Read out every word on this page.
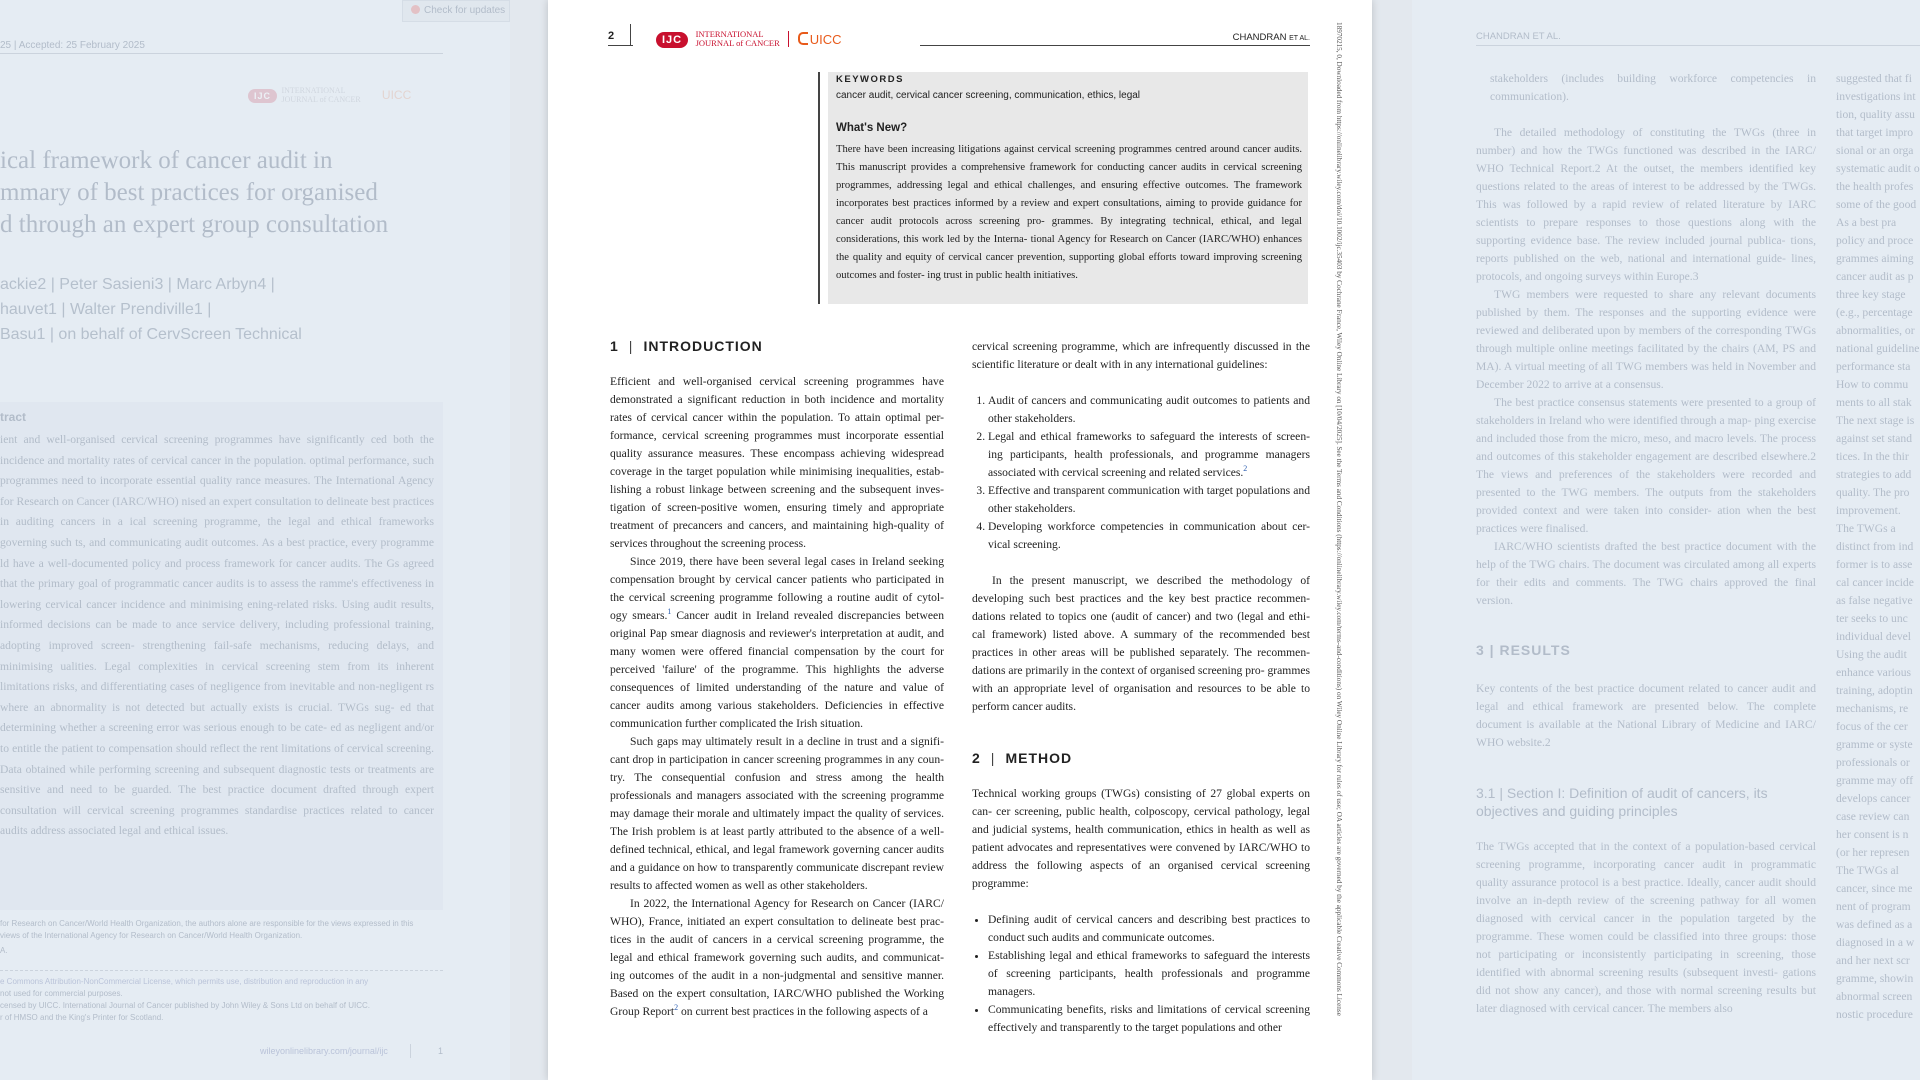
25 | Accepted: 25 February 2025
Check for updates
IJC INTERNATIONAL JOURNAL of CANCER UICC
ical framework of cancer audit in
mmary of best practices for organised
d through an expert group consultation
ackie2 | Peter Sasieni3 | Marc Arbyn4 |
hauvet1 | Walter Prendiville1 |
Basu1 | on behalf of CervScreen Technical
tract
ient and well-organised cervical screening programmes have significantly ced both the incidence and mortality rates of cervical cancer in the population. optimal performance, such programmes need to incorporate essential quality rance measures. The International Agency for Research on Cancer (IARC/WHO) nised an expert consultation to delineate best practices in auditing cancers in a ical screening programme, the legal and ethical frameworks governing such ts, and communicating audit outcomes. As a best practice, every programme ld have a well-documented policy and process framework for cancer audits. The Gs agreed that the primary goal of programmatic cancer audits is to assess the ramme's effectiveness in lowering cervical cancer incidence and minimising ening-related risks. Using audit results, informed decisions can be made to ance service delivery, including professional training, adopting improved screen- strengthening fail-safe mechanisms, reducing delays, and minimising ualities. Legal complexities in cervical screening stem from its inherent limitations risks, and differentiating cases of negligence from inevitable and non-negligent rs where an abnormality is not detected but actually exists is crucial. TWGs sug- ed that determining whether a screening error was serious enough to be cate- ed as negligent and/or to entitle the patient to compensation should reflect the rent limitations of cervical screening. Data obtained while performing screening and subsequent diagnostic tests or treatments are sensitive and need to be guarded. The best practice document drafted through expert consultation will cervical screening programmes standardise practices related to cancer audits address associated legal and ethical issues.
for Research on Cancer/World Health Organization, the authors alone are responsible for the views expressed in this
views of the International Agency for Research on Cancer/World Health Organization.
A.
e Commons Attribution-NonCommercial License, which permits use, distribution and reproduction in any
not used for commercial purposes.
censed by UICC. International Journal of Cancer published by John Wiley & Sons Ltd on behalf of UICC.
r of HMSO and the King's Printer for Scotland.
wileyonlinelibrary.com/journal/ijc	1
2	IJC INTERNATIONAL
JOURNAL of CANCER UICC	CHANDRAN ET AL.
KEYWORDS
cancer audit, cervical cancer screening, communication, ethics, legal
What's New?
There have been increasing litigations against cervical screening programmes centred around cancer audits. This manuscript provides a comprehensive framework for conducting cancer audits in cervical screening programmes, addressing legal and ethical challenges, and ensuring effective outcomes. The framework incorporates best practices informed by a review and expert consultations, aiming to provide guidance for cancer audit protocols across screening pro- grammes. By integrating technical, ethical, and legal considerations, this work led by the Interna- tional Agency for Research on Cancer (IARC/WHO) enhances the quality and equity of cervical cancer prevention, supporting global efforts toward improving screening outcomes and foster- ing trust in public health initiatives.
1 | INTRODUCTION

Efficient and well-organised cervical screening programmes have demonstrated a significant reduction in both incidence and mortality rates of cervical cancer within the population. To attain optimal per- formance, cervical screening programmes must incorporate essential quality assurance measures. These encompass achieving widespread coverage in the target population while minimising inequalities, estab- lishing a robust linkage between screening and the subsequent inves- tigation of screen-positive women, ensuring timely and appropriate treatment of precancers and cancers, and maintaining high-quality of services throughout the screening process.

Since 2019, there have been several legal cases in Ireland seeking compensation brought by cervical cancer patients who participated in the cervical screening programme following a routine audit of cytol- ogy smears.$^1$ Cancer audit in Ireland revealed discrepancies between original Pap smear diagnosis and reviewer's interpretation at audit, and many women were offered financial compensation by the court for perceived 'failure' of the programme. This highlights the adverse consequences of limited understanding of the nature and value of cancer audits among various stakeholders. Deficiencies in effective communication further complicated the Irish situation.

Such gaps may ultimately result in a decline in trust and a signifi- cant drop in participation in cancer screening programmes in any coun- try. The consequential confusion and stress among the health professionals and managers associated with the screening programme may damage their morale and ultimately impact the quality of services. The Irish problem is at least partly attributed to the absence of a well- defined technical, ethical, and legal framework governing cancer audits and a guidance on how to transparently communicate discrepant review results to affected women as well as other stakeholders.

In 2022, the International Agency for Research on Cancer (IARC/ WHO), France, initiated an expert consultation to delineate best prac- tices in the audit of cancers in a cervical screening programme, the legal and ethical framework governing such audits, and communicat- ing outcomes of the audit in a non-judgmental and sensitive manner. Based on the expert consultation, IARC/WHO published the Working Group Report$^2$ on current best practices in the following aspects of a

cervical screening programme, which are infrequently discussed in the scientific literature or dealt with in any international guidelines:

1. Audit of cancers and communicating audit outcomes to patients and other stakeholders.
2. Legal and ethical frameworks to safeguard the interests of screen- ing participants, health professionals, and programme managers associated with cervical screening and related services.$^2$
3. Effective and transparent communication with target populations and other stakeholders.
4. Developing workforce competencies in communication about cer- vical screening.

In the present manuscript, we described the methodology of developing such best practices and the key best practice recommen- dations related to topics one (audit of cancer) and two (legal and ethi- cal framework) listed above. A summary of the recommended best practices in other areas will be published separately. The recommen- dations are primarily in the context of organised screening pro- grammes with an appropriate level of organisation and resources to be able to perform cancer audits.

2 | METHOD

Technical working groups (TWGs) consisting of 27 global experts on can- cer screening, public health, colposcopy, cervical pathology, legal and judicial systems, health communication, ethics in health as well as patient advocates and representatives were convened by IARC/WHO to address the following aspects of an organised cervical screening programme:

• Defining audit of cervical cancers and describing best practices to conduct such audits and communicate outcomes.
• Establishing legal and ethical frameworks to safeguard the interests of screening participants, health professionals and programme managers.
• Communicating benefits, risks and limitations of cervical screening effectively and transparently to the target populations and other
18970215, 0, Downloaded from https://onlinelibrary.wiley.com/doi/10.1002/ijc.35403 by Cochrane France, Wiley Online Library on [10/04/2025]. See the Terms and Conditions (https://onlinelibrary.wiley.com/terms-and-conditions) on Wiley Online Library for rules of use; OA articles are governed by the applicable Creative Commons License	CHANDRAN ET AL.
stakeholders (includes building workforce competencies in communication).
The detailed methodology of constituting the TWGs (three in number) and how the TWGs functioned was described in the IARC/ WHO Technical Report.2 At the outset, the members identified key questions related to the areas of interest to be addressed by the TWGs. This was followed by a rapid review of related literature by IARC scientists to prepare responses to those questions along with the supporting evidence base. The review included journal publica- tions, reports published on the web, national and international guide- lines, protocols, and ongoing surveys within Europe.3
TWG members were requested to share any relevant documents published by them. The responses and the supporting evidence were reviewed and deliberated upon by members of the corresponding TWGs through multiple online meetings facilitated by the chairs (AM, PS and MA). A virtual meeting of all TWG members was held in November and December 2022 to arrive at a consensus.
The best practice consensus statements were presented to a group of stakeholders in Ireland who were identified through a map- ping exercise and included those from the micro, meso, and macro levels. The process and outcomes of this stakeholder engagement are described elsewhere.2 The views and preferences of the stakeholders were recorded and presented to the TWG members. The outputs from the stakeholders provided context and were taken into consider- ation when the best practices were finalised.
IARC/WHO scientists drafted the best practice document with the help of the TWG chairs. The document was circulated among all experts for their edits and comments. The TWG chairs approved the final version.
3 | RESULTS
Key contents of the best practice document related to cancer audit and legal and ethical framework are presented below. The complete document is available at the National Library of Medicine and IARC/ WHO website.2
3.1 | Section I: Definition of audit of cancers, its
objectives and guiding principles
The TWGs accepted that in the context of a population-based cervical screening programme, incorporating cancer audit in programmatic quality assurance protocol is a best practice. Ideally, cancer audit should involve an in-depth review of the screening pathway for all women diagnosed with cervical cancer in the population targeted by the programme. These women could be classified into three groups: those not participating or inconsistently participating in screening, those identified with abnormal screening results (subsequent investi- gations did not show any cancer), and those with normal screening results but later diagnosed with cervical cancer. The members also
suggested that fi
investigations int
tion, quality assu
that target impro
sional or an orga
systematic audit o
the health profes
some of the good
As a best pra
policy and proce
grammes aiming
cancer audit as p
three key stage
(e.g., percentage
abnormalities, or
national guideline
performance sta
How to commu
ments to all stak
The next stage is
against set stand
tices. In the thir
strategies to add
quality. The pro
improvement.
The TWGs a
distinct from ind
former is to asse
cal cancer incide
as false negative
ter seeks to unc
individual devel
Using the audit
enhance various
training, adoptin
mechanisms, re
focus of the cer
gramme or syste
professionals or
gramme may off
develops cancer
case review can
her consent is n
(or her represen
The TWGs al
cancer, since me
nent of program
was defined as a
diagnosed in a w
and her next scr
gramme, showin
abnormal screen
nostic procedure
